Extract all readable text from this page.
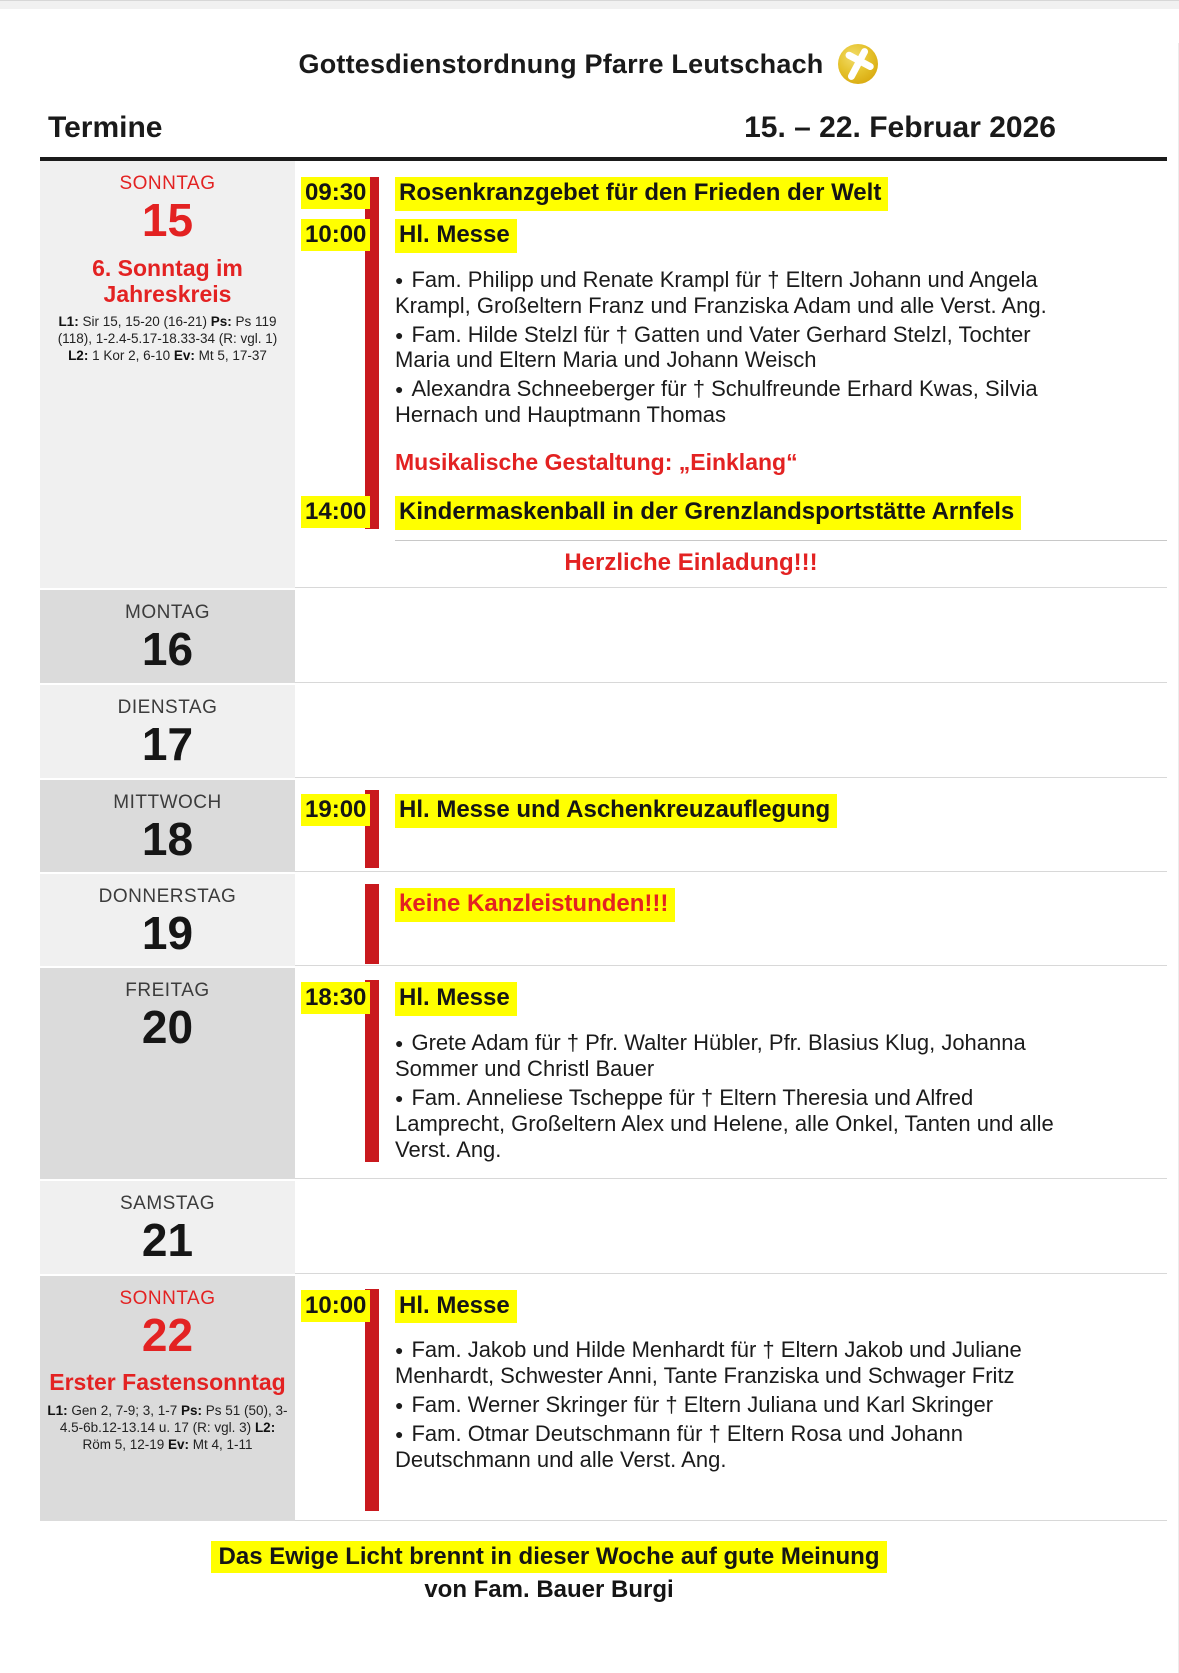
Gottesdienstordnung Pfarre Leutschach
Termine	15. – 22. Februar 2026
SONNTAG
15
6. Sonntag im Jahreskreis
L1: Sir 15, 15-20 (16-21) Ps: Ps 119 (118), 1-2.4-5.17-18.33-34 (R: vgl. 1) L2: 1 Kor 2, 6-10 Ev: Mt 5, 17-37
09:30 Rosenkranzgebet für den Frieden der Welt
10:00 Hl. Messe
● Fam. Philipp und Renate Krampl für † Eltern Johann und Angela Krampl, Großeltern Franz und Franziska Adam und alle Verst. Ang.
● Fam. Hilde Stelzl für † Gatten und Vater Gerhard Stelzl, Tochter Maria und Eltern Maria und Johann Weisch
● Alexandra Schneeberger für † Schulfreunde Erhard Kwas, Silvia Hernach und Hauptmann Thomas
Musikalische Gestaltung: „Einklang“
14:00 Kindermaskenball in der Grenzlandsportstätte Arnfels
Herzliche Einladung!!!
MONTAG
16
DIENSTAG
17
MITTWOCH
18
19:00 Hl. Messe und Aschenkreuzauflegung
DONNERSTAG
19
keine Kanzleistunden!!!
FREITAG
20
18:30 Hl. Messe
● Grete Adam für † Pfr. Walter Hübler, Pfr. Blasius Klug, Johanna Sommer und Christl Bauer
● Fam. Anneliese Tscheppe für † Eltern Theresia und Alfred Lamprecht, Großeltern Alex und Helene, alle Onkel, Tanten und alle Verst. Ang.
SAMSTAG
21
SONNTAG
22
Erster Fastensonntag
L1: Gen 2, 7-9; 3, 1-7 Ps: Ps 51 (50), 3-4.5-6b.12-13.14 u. 17 (R: vgl. 3) L2: Röm 5, 12-19 Ev: Mt 4, 1-11
10:00 Hl. Messe
● Fam. Jakob und Hilde Menhardt für † Eltern Jakob und Juliane Menhardt, Schwester Anni, Tante Franziska und Schwager Fritz
● Fam. Werner Skringer für † Eltern Juliana und Karl Skringer
● Fam. Otmar Deutschmann für † Eltern Rosa und Johann Deutschmann und alle Verst. Ang.
Das Ewige Licht brennt in dieser Woche auf gute Meinung
von Fam. Bauer Burgi
